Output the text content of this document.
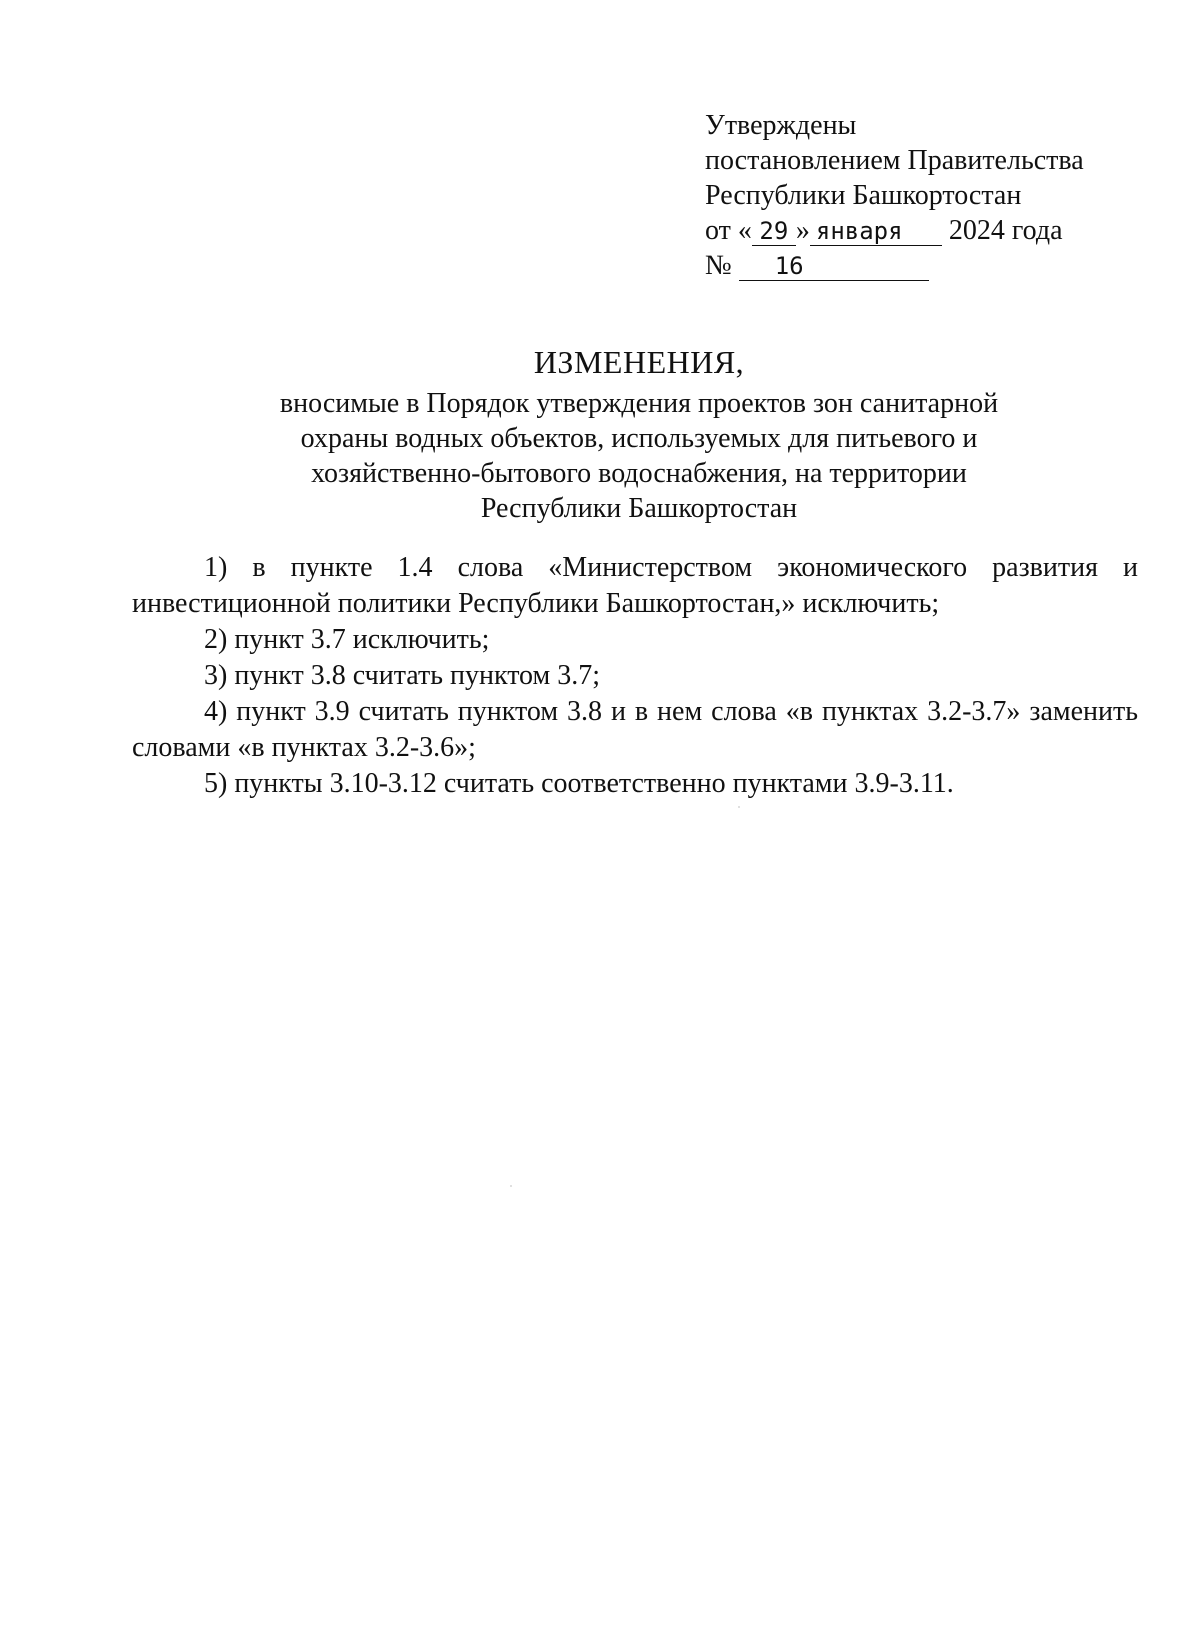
Утверждены
постановлением Правительства
Республики Башкортостан
от « 29 » января 2024 года
№ 16
ИЗМЕНЕНИЯ,
вносимые в Порядок утверждения проектов зон санитарной
охраны водных объектов, используемых для питьевого и
хозяйственно-бытового водоснабжения, на территории
Республики Башкортостан

1) в пункте 1.4 слова «Министерством экономического развития и инвестиционной политики Республики Башкортостан,» исключить;

2) пункт 3.7 исключить;

3) пункт 3.8 считать пунктом 3.7;

4) пункт 3.9 считать пунктом 3.8 и в нем слова «в пунктах 3.2-3.7» заменить словами «в пунктах 3.2-3.6»;

5) пункты 3.10-3.12 считать соответственно пунктами 3.9-3.11.
